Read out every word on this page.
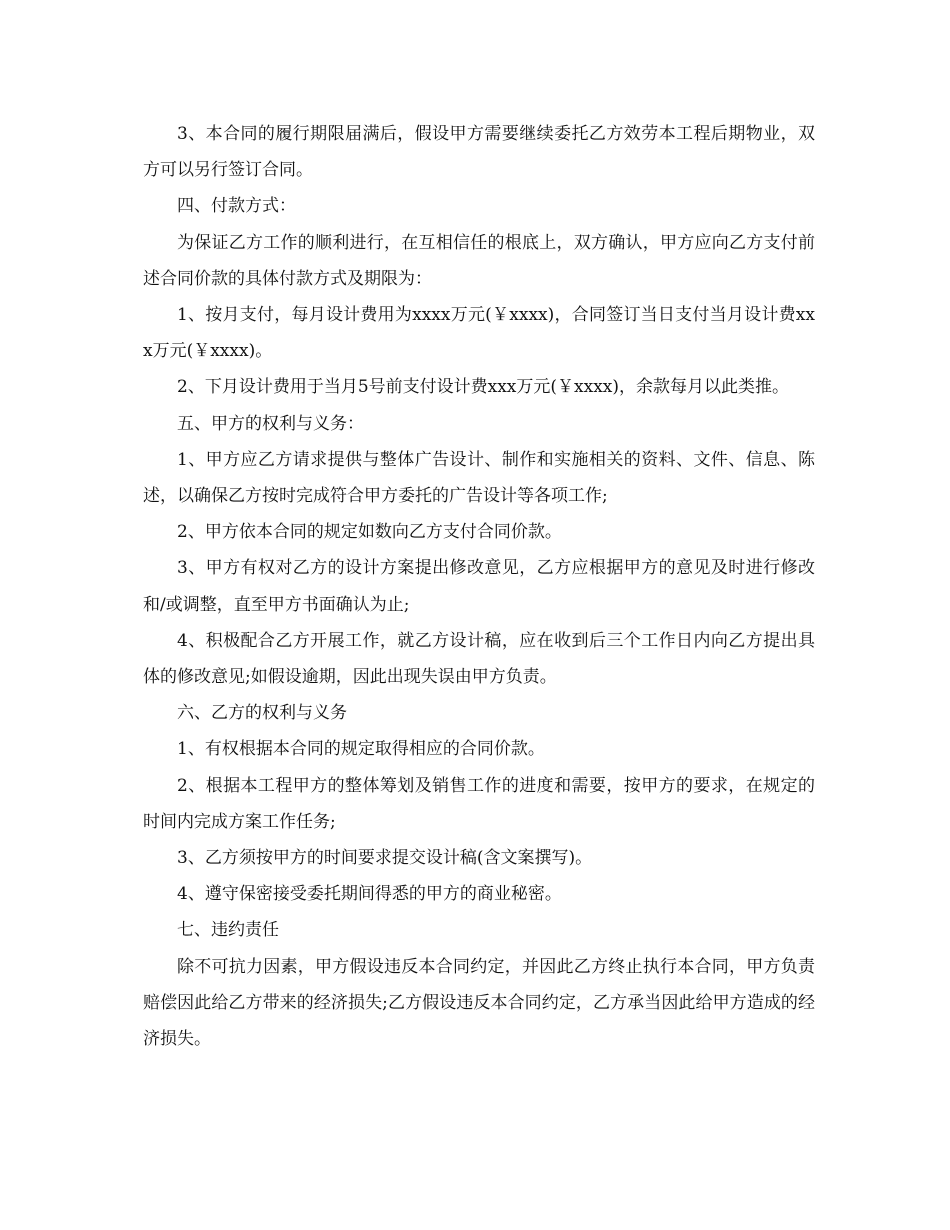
3、本合同的履行期限届满后，假设甲方需要继续委托乙方效劳本工程后期物业，双方可以另行签订合同。

四、付款方式：

为保证乙方工作的顺利进行，在互相信任的根底上，双方确认，甲方应向乙方支付前述合同价款的具体付款方式及期限为：

1、按月支付，每月设计费用为xxxx万元(￥xxxx)，合同签订当日支付当月设计费xxx万元(￥xxxx)。

2、下月设计费用于当月5号前支付设计费xxx万元(￥xxxx)，余款每月以此类推。

五、甲方的权利与义务：

1、甲方应乙方请求提供与整体广告设计、制作和实施相关的资料、文件、信息、陈述，以确保乙方按时完成符合甲方委托的广告设计等各项工作;

2、甲方依本合同的规定如数向乙方支付合同价款。

3、甲方有权对乙方的设计方案提出修改意见，乙方应根据甲方的意见及时进行修改和/或调整，直至甲方书面确认为止;

4、积极配合乙方开展工作，就乙方设计稿，应在收到后三个工作日内向乙方提出具体的修改意见;如假设逾期，因此出现失误由甲方负责。

六、乙方的权利与义务

1、有权根据本合同的规定取得相应的合同价款。

2、根据本工程甲方的整体筹划及销售工作的进度和需要，按甲方的要求，在规定的时间内完成方案工作任务;

3、乙方须按甲方的时间要求提交设计稿(含文案撰写)。

4、遵守保密接受委托期间得悉的甲方的商业秘密。

七、违约责任

除不可抗力因素，甲方假设违反本合同约定，并因此乙方终止执行本合同，甲方负责赔偿因此给乙方带来的经济损失;乙方假设违反本合同约定，乙方承当因此给甲方造成的经济损失。
